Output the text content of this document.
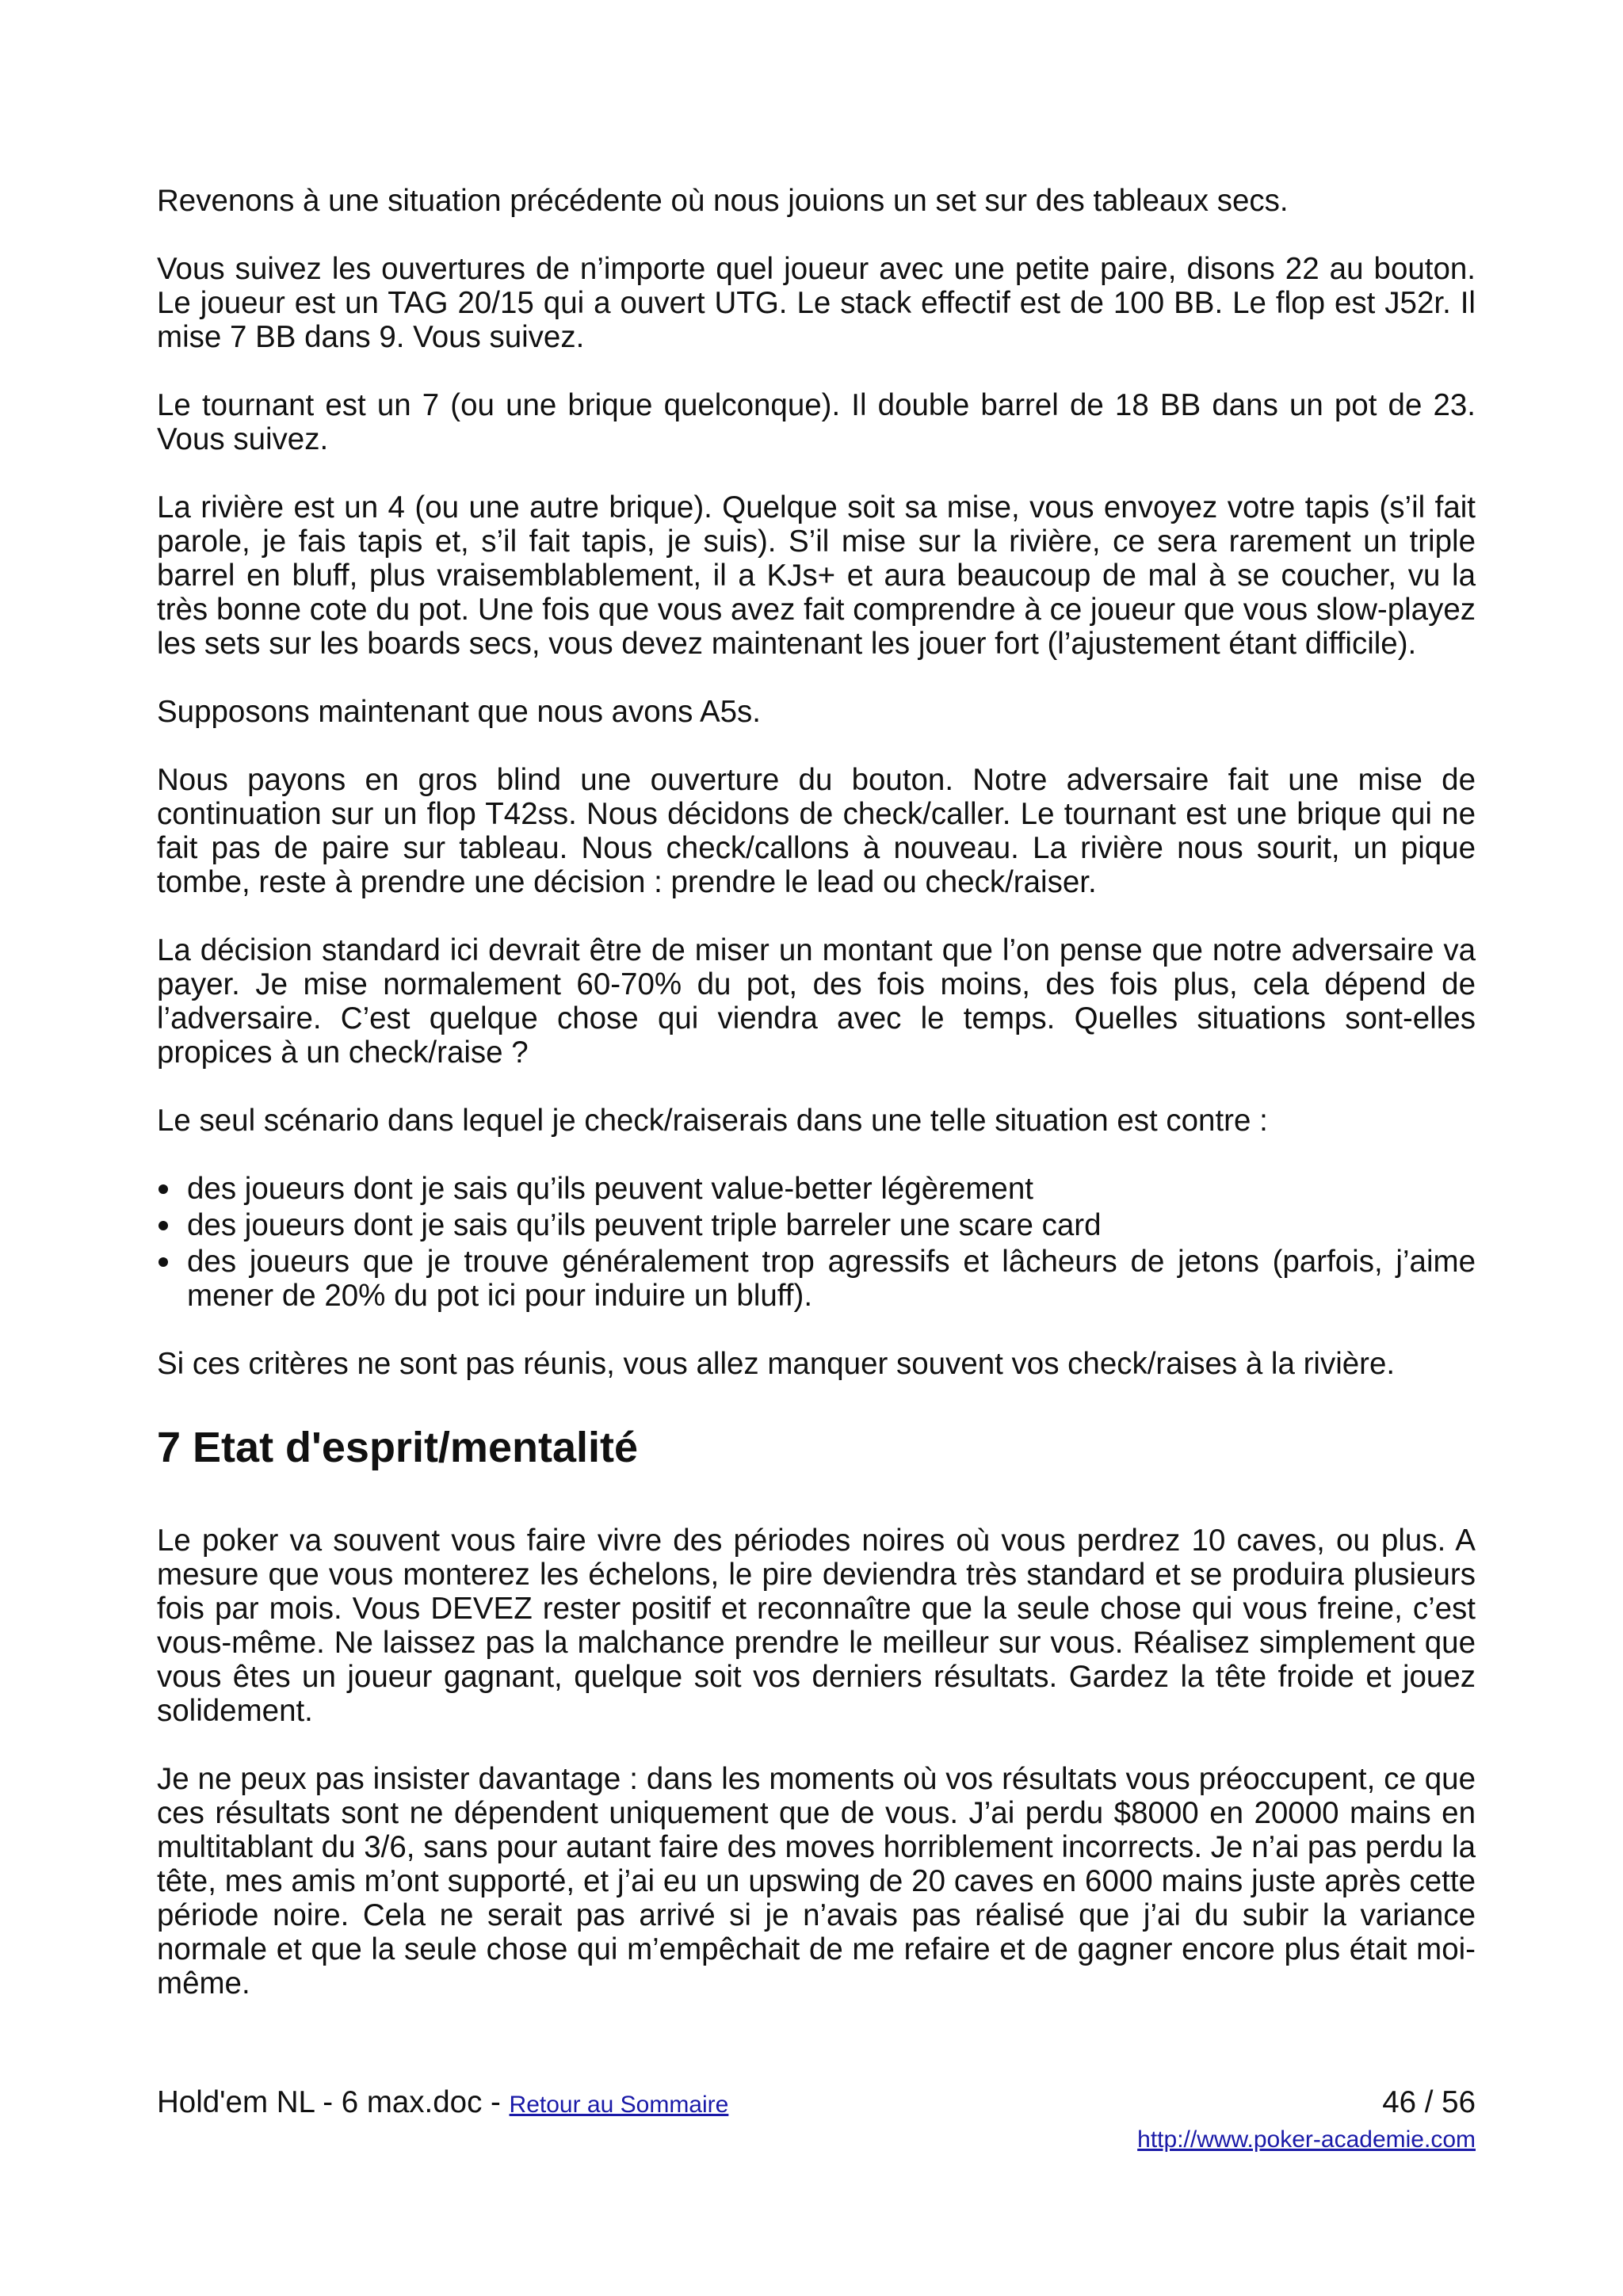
Revenons à une situation précédente où nous jouions un set sur des tableaux secs.

Vous suivez les ouvertures de n’importe quel joueur avec une petite paire, disons 22 au bouton. Le joueur est un TAG 20/15 qui a ouvert UTG. Le stack effectif est de 100 BB. Le flop est J52r. Il mise 7 BB dans 9. Vous suivez.

Le tournant est un 7 (ou une brique quelconque). Il double barrel de 18 BB dans un pot de 23. Vous suivez.

La rivière est un 4 (ou une autre brique). Quelque soit sa mise, vous envoyez votre tapis (s’il fait parole, je fais tapis et, s’il fait tapis, je suis). S’il mise sur la rivière, ce sera rarement un triple barrel en bluff, plus vraisemblablement, il a KJs+ et aura beaucoup de mal à se coucher, vu la très bonne cote du pot. Une fois que vous avez fait comprendre à ce joueur que vous slow-playez les sets sur les boards secs, vous devez maintenant les jouer fort (l’ajustement étant difficile).

Supposons maintenant que nous avons A5s.

Nous payons en gros blind une ouverture du bouton. Notre adversaire fait une mise de continuation sur un flop T42ss. Nous décidons de check/caller. Le tournant est une brique qui ne fait pas de paire sur tableau. Nous check/callons à nouveau. La rivière nous sourit, un pique tombe, reste à prendre une décision : prendre le lead ou check/raiser.

La décision standard ici devrait être de miser un montant que l’on pense que notre adversaire va payer. Je mise normalement 60-70% du pot, des fois moins, des fois plus, cela dépend de l’adversaire. C’est quelque chose qui viendra avec le temps. Quelles situations sont-elles propices à un check/raise ?

Le seul scénario dans lequel je check/raiserais dans une telle situation est contre :

des joueurs dont je sais qu’ils peuvent value-better légèrement
des joueurs dont je sais qu’ils peuvent triple barreler une scare card
des joueurs que je trouve généralement trop agressifs et lâcheurs de jetons (parfois, j’aime mener de 20% du pot ici pour induire un bluff).

Si ces critères ne sont pas réunis, vous allez manquer souvent vos check/raises à la rivière.

7 Etat d'esprit/mentalité

Le poker va souvent vous faire vivre des périodes noires où vous perdrez 10 caves, ou plus. A mesure que vous monterez les échelons, le pire deviendra très standard et se produira plusieurs fois par mois. Vous DEVEZ rester positif et reconnaître que la seule chose qui vous freine, c’est vous-même. Ne laissez pas la malchance prendre le meilleur sur vous. Réalisez simplement que vous êtes un joueur gagnant, quelque soit vos derniers résultats. Gardez la tête froide et jouez solidement.

Je ne peux pas insister davantage : dans les moments où vos résultats vous préoccupent, ce que ces résultats sont ne dépendent uniquement que de vous. J’ai perdu $8000 en 20000 mains en multitablant du 3/6, sans pour autant faire des moves horriblement incorrects. Je n’ai pas perdu la tête, mes amis m’ont supporté, et j’ai eu un upswing de 20 caves en 6000 mains juste après cette période noire. Cela ne serait pas arrivé si je n’avais pas réalisé que j’ai du subir la variance normale et que la seule chose qui m’empêchait de me refaire et de gagner encore plus était moi-même.

Hold'em NL - 6 max.doc - Retour au Sommaire	46 / 56
http://www.poker-academie.com
